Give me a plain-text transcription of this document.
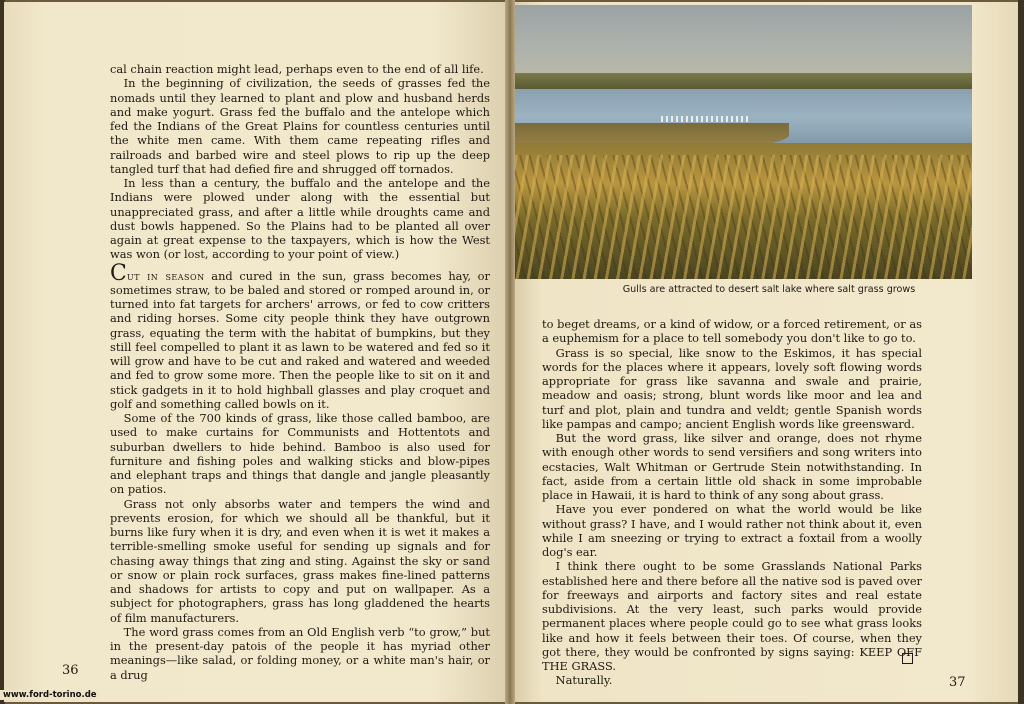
cal chain reaction might lead, perhaps even to the end of all life.

In the beginning of civilization, the seeds of grasses fed the nomads until they learned to plant and plow and husband herds and make yogurt. Grass fed the buffalo and the antelope which fed the Indians of the Great Plains for countless centuries until the white men came. With them came repeating rifles and railroads and barbed wire and steel plows to rip up the deep tangled turf that had defied fire and shrugged off tornados.

In less than a century, the buffalo and the antelope and the Indians were plowed under along with the essential but unappreciated grass, and after a little while droughts came and dust bowls happened. So the Plains had to be planted all over again at great expense to the taxpayers, which is how the West was won (or lost, according to your point of view.)

Cut in season and cured in the sun, grass becomes hay, or sometimes straw, to be baled and stored or romped around in, or turned into fat targets for archers' arrows, or fed to cow critters and riding horses. Some city people think they have outgrown grass, equating the term with the habitat of bumpkins, but they still feel compelled to plant it as lawn to be watered and fed so it will grow and have to be cut and raked and watered and weeded and fed to grow some more. Then the people like to sit on it and stick gadgets in it to hold highball glasses and play croquet and golf and something called bowls on it.

Some of the 700 kinds of grass, like those called bamboo, are used to make curtains for Communists and Hottentots and suburban dwellers to hide behind. Bamboo is also used for furniture and fishing poles and walking sticks and blow-pipes and elephant traps and things that dangle and jangle pleasantly on patios.

Grass not only absorbs water and tempers the wind and prevents erosion, for which we should all be thankful, but it burns like fury when it is dry, and even when it is wet it makes a terrible-smelling smoke useful for sending up signals and for chasing away things that zing and sting. Against the sky or sand or snow or plain rock surfaces, grass makes fine-lined patterns and shadows for artists to copy and put on wallpaper. As a subject for photographers, grass has long gladdened the hearts of film manufacturers.

The word grass comes from an Old English verb “to grow,” but in the present-day patois of the people it has myriad other meanings—like salad, or folding money, or a white man's hair, or a drug

Gulls are attracted to desert salt lake where salt grass grows

to beget dreams, or a kind of widow, or a forced retirement, or as a euphemism for a place to tell somebody you don't like to go to.

Grass is so special, like snow to the Eskimos, it has special words for the places where it appears, lovely soft flowing words appropriate for grass like savanna and swale and prairie, meadow and oasis; strong, blunt words like moor and lea and turf and plot, plain and tundra and veldt; gentle Spanish words like pampas and campo; ancient English words like greensward.

But the word grass, like silver and orange, does not rhyme with enough other words to send versifiers and song writers into ecstacies, Walt Whitman or Gertrude Stein notwithstanding. In fact, aside from a certain little old shack in some improbable place in Hawaii, it is hard to think of any song about grass.

Have you ever pondered on what the world would be like without grass? I have, and I would rather not think about it, even while I am sneezing or trying to extract a foxtail from a woolly dog's ear.

I think there ought to be some Grasslands National Parks established here and there before all the native sod is paved over for freeways and airports and factory sites and real estate subdivisions. At the very least, such parks would provide permanent places where people could go to see what grass looks like and how it feels between their toes. Of course, when they got there, they would be confronted by signs saying: KEEP OFF THE GRASS.

Naturally.

36
37
www.ford-torino.de
